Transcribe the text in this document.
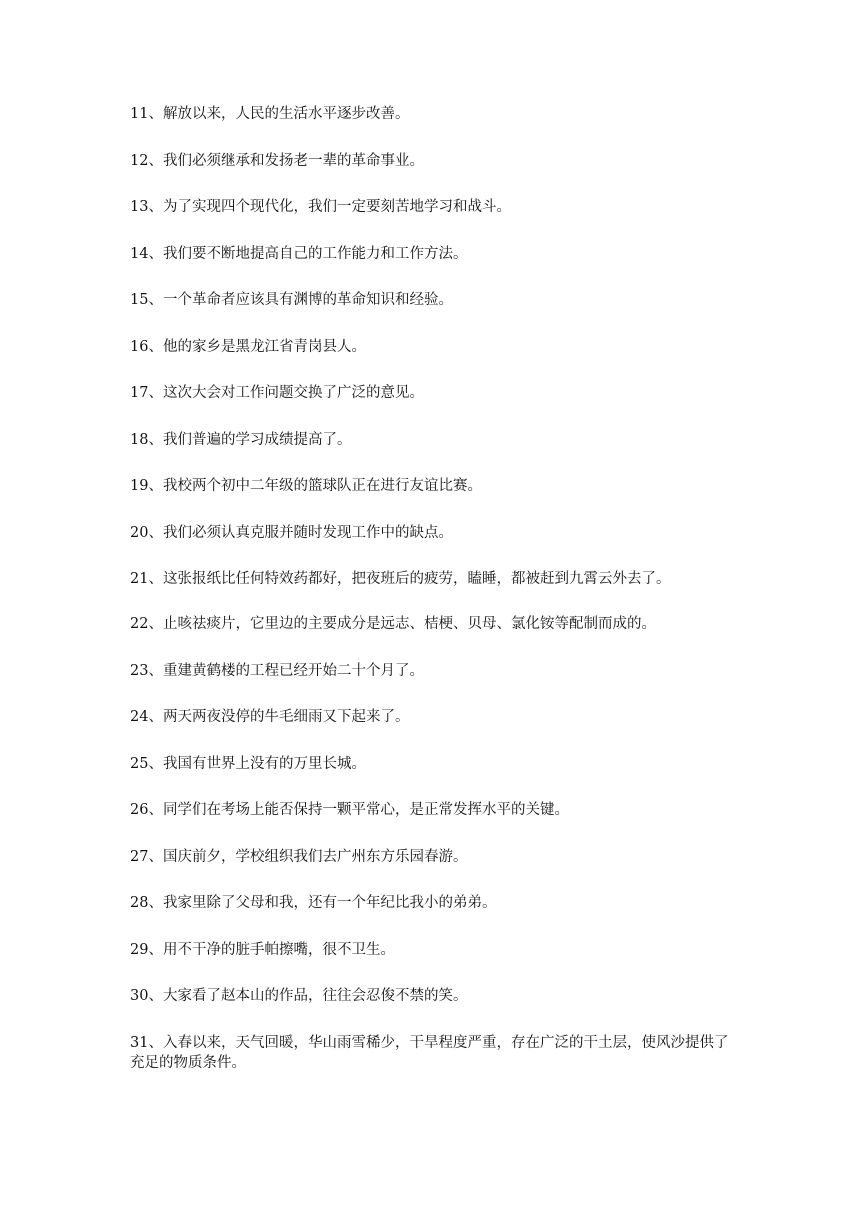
11、解放以来，人民的生活水平逐步改善。
12、我们必须继承和发扬老一辈的革命事业。
13、为了实现四个现代化，我们一定要刻苦地学习和战斗。
14、我们要不断地提高自己的工作能力和工作方法。
15、一个革命者应该具有渊博的革命知识和经验。
16、他的家乡是黑龙江省青岗县人。
17、这次大会对工作问题交换了广泛的意见。
18、我们普遍的学习成绩提高了。
19、我校两个初中二年级的篮球队正在进行友谊比赛。
20、我们必须认真克服并随时发现工作中的缺点。
21、这张报纸比任何特效药都好，把夜班后的疲劳，瞌睡，都被赶到九霄云外去了。
22、止咳祛痰片，它里边的主要成分是远志、桔梗、贝母、氯化铵等配制而成的。
23、重建黄鹤楼的工程已经开始二十个月了。
24、两天两夜没停的牛毛细雨又下起来了。
25、我国有世界上没有的万里长城。
26、同学们在考场上能否保持一颗平常心，是正常发挥水平的关键。
27、国庆前夕，学校组织我们去广州东方乐园春游。
28、我家里除了父母和我，还有一个年纪比我小的弟弟。
29、用不干净的脏手帕擦嘴，很不卫生。
30、大家看了赵本山的作品，往往会忍俊不禁的笑。
31、入春以来，天气回暖，华山雨雪稀少，干旱程度严重，存在广泛的干土层，使风沙提供了充足的物质条件。
